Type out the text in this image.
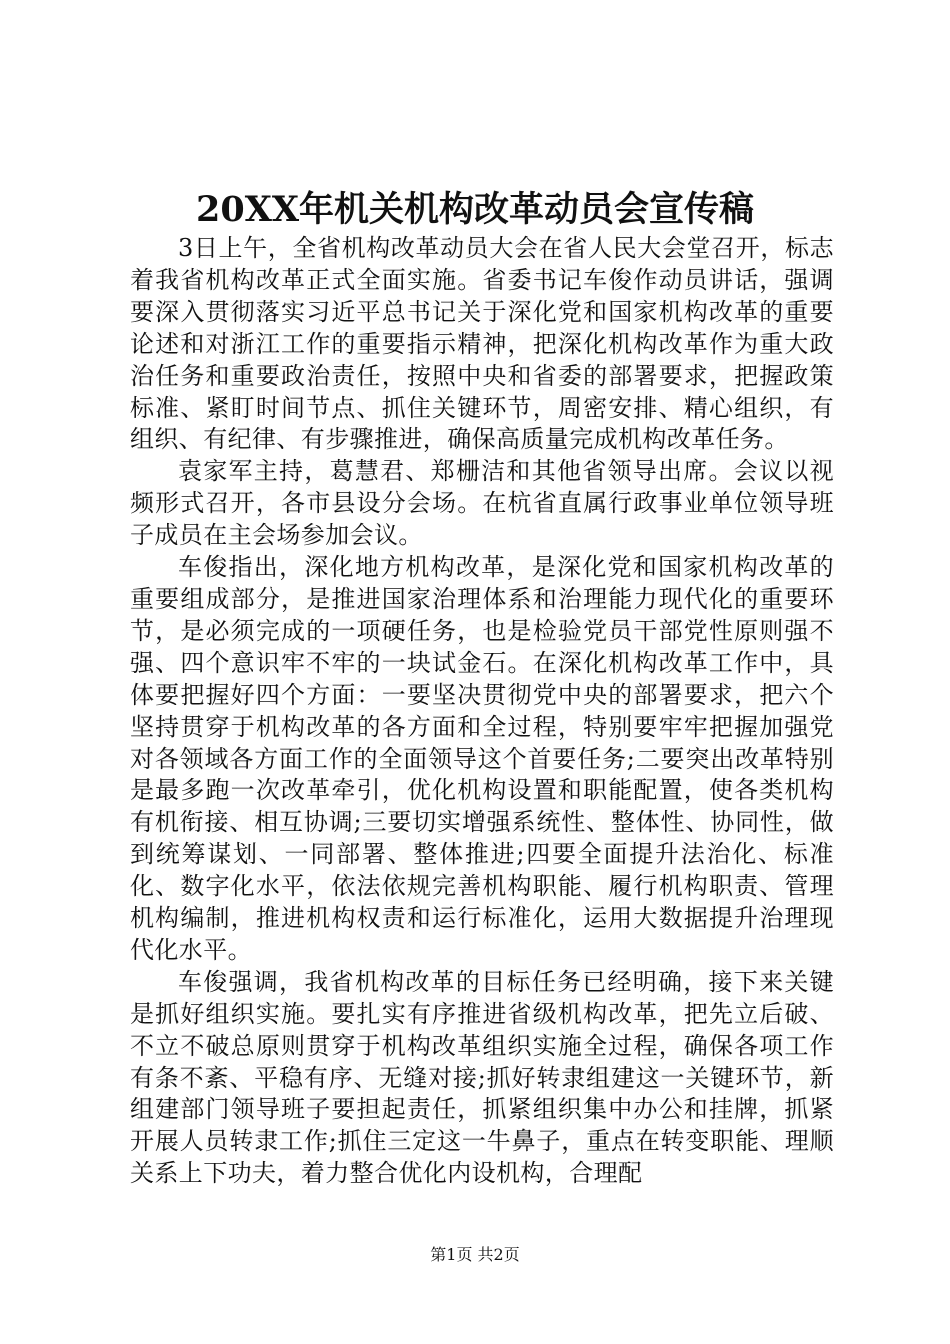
20XX年机关机构改革动员会宣传稿

3日上午，全省机构改革动员大会在省人民大会堂召开，标志着我省机构改革正式全面实施。省委书记车俊作动员讲话，强调要深入贯彻落实习近平总书记关于深化党和国家机构改革的重要论述和对浙江工作的重要指示精神，把深化机构改革作为重大政治任务和重要政治责任，按照中央和省委的部署要求，把握政策标准、紧盯时间节点、抓住关键环节，周密安排、精心组织，有组织、有纪律、有步骤推进，确保高质量完成机构改革任务。

袁家军主持，葛慧君、郑栅洁和其他省领导出席。会议以视频形式召开，各市县设分会场。在杭省直属行政事业单位领导班子成员在主会场参加会议。

车俊指出，深化地方机构改革，是深化党和国家机构改革的重要组成部分，是推进国家治理体系和治理能力现代化的重要环节，是必须完成的一项硬任务，也是检验党员干部党性原则强不强、四个意识牢不牢的一块试金石。在深化机构改革工作中，具体要把握好四个方面：一要坚决贯彻党中央的部署要求，把六个坚持贯穿于机构改革的各方面和全过程，特别要牢牢把握加强党对各领域各方面工作的全面领导这个首要任务;二要突出改革特别是最多跑一次改革牵引，优化机构设置和职能配置，使各类机构有机衔接、相互协调;三要切实增强系统性、整体性、协同性，做到统筹谋划、一同部署、整体推进;四要全面提升法治化、标准化、数字化水平，依法依规完善机构职能、履行机构职责、管理机构编制，推进机构权责和运行标准化，运用大数据提升治理现代化水平。

车俊强调，我省机构改革的目标任务已经明确，接下来关键是抓好组织实施。要扎实有序推进省级机构改革，把先立后破、不立不破总原则贯穿于机构改革组织实施全过程，确保各项工作有条不紊、平稳有序、无缝对接;抓好转隶组建这一关键环节，新组建部门领导班子要担起责任，抓紧组织集中办公和挂牌，抓紧开展人员转隶工作;抓住三定这一牛鼻子，重点在转变职能、理顺关系上下功夫，着力整合优化内设机构，合理配

第1页 共2页
